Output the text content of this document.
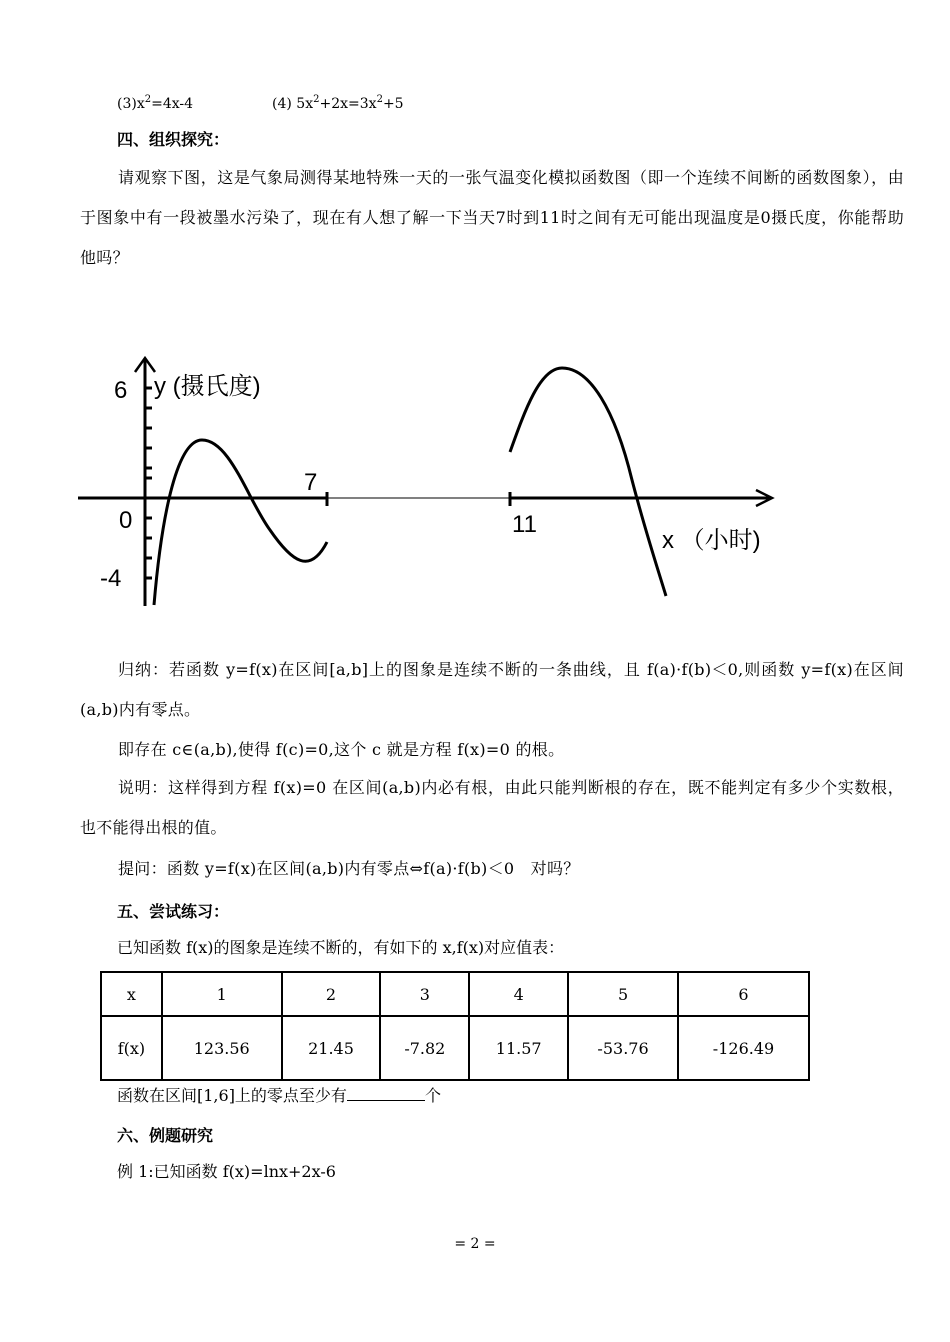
$(3)x^2=4x-4$	(4) $5x^2+2x=3x^2+5$
四、组织探究：
请观察下图，这是气象局测得某地特殊一天的一张气温变化模拟函数图（即一个连续不间断的函数图象），由于图象中有一段被墨水污染了，现在有人想了解一下当天7时到11时之间有无可能出现温度是0摄氏度，你能帮助他吗？
6 y (摄氏度)
0
-4
7
11
x （小时)
归纳：若函数 y=f(x)在区间[a,b]上的图象是连续不断的一条曲线，且 f(a)·f(b)＜0,则函数 y=f(x)在区间(a,b)内有零点。
即存在 c∈(a,b),使得 f(c)=0,这个 c 就是方程 f(x)=0 的根。
说明：这样得到方程 f(x)=0 在区间(a,b)内必有根，由此只能判断根的存在，既不能判定有多少个实数根，也不能得出根的值。
提问：函数 y=f(x)在区间(a,b)内有零点⇔f(a)·f(b)＜0　对吗？
五、尝试练习：
已知函数 f(x)的图象是连续不断的，有如下的 x,f(x)对应值表：
x	1	2	3	4	5	6
f(x)	123.56	21.45	-7.82	11.57	-53.76	-126.49
函数在区间[1,6]上的零点至少有	个
六、例题研究
例 1:已知函数 f(x)=lnx+2x-6
= 2 =
